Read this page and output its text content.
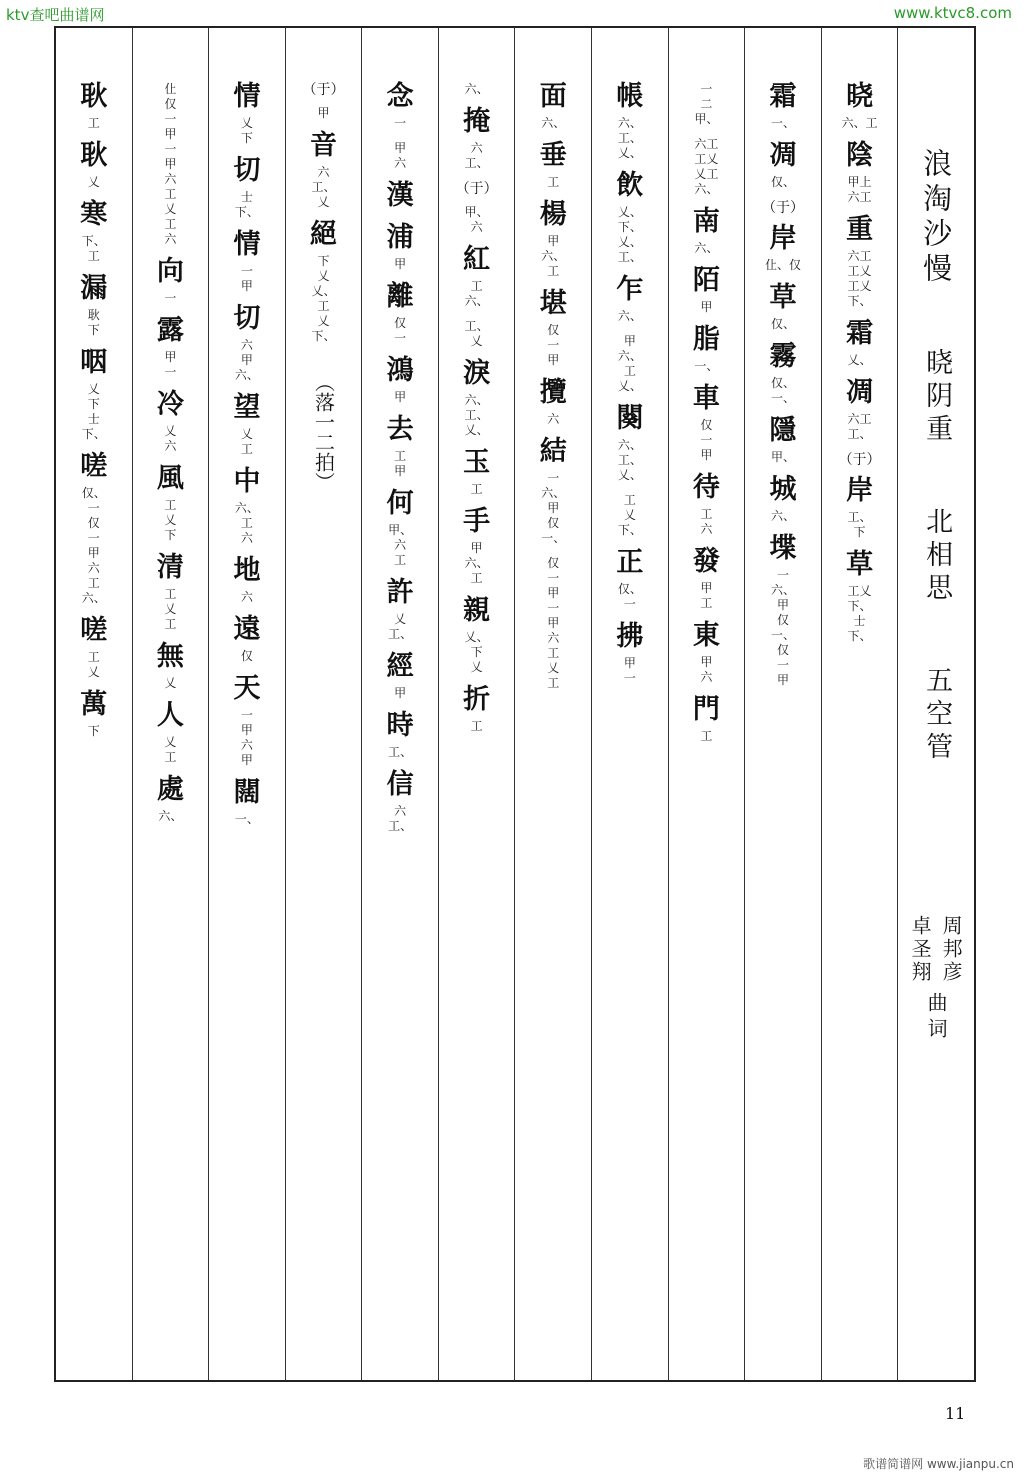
ktv查吧曲谱网	www.ktvc8.com
耿
工
耿
乂
寒
下、
工
漏
耿
下
咽
乂
下
士
下、
嗟
仅、
一
仅
一
甲
六
工
六、
嗟
工
乂
萬
下
仩
仅
一
甲
一
甲
六
工
乂
工
六
向
一
露
甲
一
冷
乂
六
風
工
乂
下
清
工
乂
工
無
乂
人
乂
工
處
六、
情
乂
下
切
士
下、
情
一
甲
切
六
甲
六、
望
乂
工
中
六、
工
六
地
六
遠
仅
天
一
甲
六
甲
闊
一、
（于）
甲
音
六
工、
乂
絕
下
乂
乂、
工
乂
下、
（落一二拍）
念
一
甲
六
漢
浦
甲
離
仅
一
鴻
甲
去
工
甲
何
甲、
六
工
許
乂
工、
經
甲
時
工、
信
六
工、
六、
掩
六
工、
（于）
甲、
六
紅
工
六、
工、
乂
淚
六、
工、
乂、
玉
工
手
甲
六、
工
親
乂、
下
乂
折
工
面
六、
垂
工
楊
甲
六、
工
堪
仅
一
甲
攬
六
結
一
六、
甲
仅
一、
仅
一
甲
一
甲
六
工
乂
工
帳
六、
工、
乂、
飲
乂、
下、
乂、
工、
乍
六、
甲
六、
工
乂、
闋
六、
工、
乂、
工
乂
下、
正
仅、
一
拂
甲
一
一
二
甲、
六工
工乂
乂工
六、
南
六、
陌
甲
脂
一、
車
仅
一
甲
待
工
六
發
甲
工
東
甲
六
門
工
霜
一、
凋
仅、
（于）
岸
仩、仅
草
仅、
霧
仅、
一、
隱
甲、
城
六、
堞
一
六、
甲
仅
一、
仅
一
甲
晓
六、工
陰
甲上
六工
重
六工
工乂
工乂
下、
霜
乂、
凋
六工
工、
（于）
岸
工、
下
草
工乂
下、
士
下、
浪淘沙慢
晓阴重
北相思
五空管
周邦彦
卓圣翔
曲词
11
歌谱简谱网 www.jianpu.cn
